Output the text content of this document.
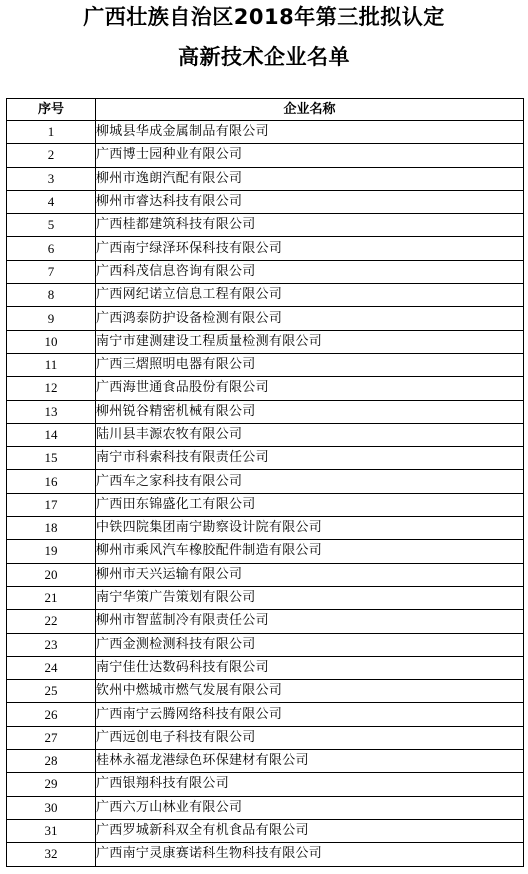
广西壮族自治区2018年第三批拟认定
高新技术企业名单
序号	企业名称
1	柳城县华成金属制品有限公司
2	广西博士园种业有限公司
3	柳州市逸朗汽配有限公司
4	柳州市睿达科技有限公司
5	广西桂都建筑科技有限公司
6	广西南宁绿泽环保科技有限公司
7	广西科茂信息咨询有限公司
8	广西网纪诺立信息工程有限公司
9	广西鸿泰防护设备检测有限公司
10	南宁市建测建设工程质量检测有限公司
11	广西三熠照明电器有限公司
12	广西海世通食品股份有限公司
13	柳州锐谷精密机械有限公司
14	陆川县丰源农牧有限公司
15	南宁市科索科技有限责任公司
16	广西车之家科技有限公司
17	广西田东锦盛化工有限公司
18	中铁四院集团南宁勘察设计院有限公司
19	柳州市乘风汽车橡胶配件制造有限公司
20	柳州市天兴运输有限公司
21	南宁华策广告策划有限公司
22	柳州市智蓝制冷有限责任公司
23	广西金测检测科技有限公司
24	南宁佳仕达数码科技有限公司
25	钦州中燃城市燃气发展有限公司
26	广西南宁云腾网络科技有限公司
27	广西远创电子科技有限公司
28	桂林永福龙港绿色环保建材有限公司
29	广西银翔科技有限公司
30	广西六万山林业有限公司
31	广西罗城新科双全有机食品有限公司
32	广西南宁灵康赛诺科生物科技有限公司
